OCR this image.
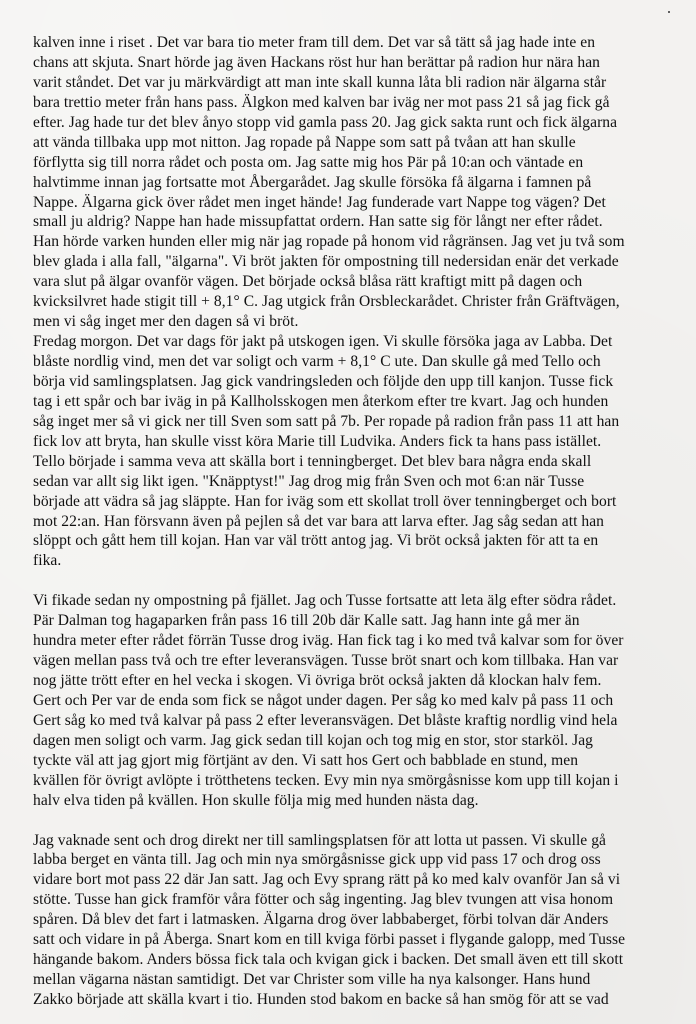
kalven inne i riset . Det var bara tio meter fram till dem. Det var så tätt så jag hade inte en
chans att skjuta. Snart hörde jag även Hackans röst hur han berättar på radion hur nära han
varit ståndet. Det var ju märkvärdigt att man inte skall kunna låta bli radion när älgarna står
bara trettio meter från hans pass. Älgkon med kalven bar iväg ner mot pass 21 så jag fick gå
efter. Jag hade tur det blev ånyo stopp vid gamla pass 20. Jag gick sakta runt och fick älgarna
att vända tillbaka upp mot nitton. Jag ropade på Nappe som satt på tvåan att han skulle
förflytta sig till norra rådet och posta om. Jag satte mig hos Pär på 10:an och väntade en
halvtimme innan jag fortsatte mot Åbergarådet. Jag skulle försöka få älgarna i famnen på
Nappe. Älgarna gick över rådet men inget hände! Jag funderade vart Nappe tog vägen? Det
small ju aldrig? Nappe han hade missupfattat ordern. Han satte sig för långt ner efter rådet.
Han hörde varken hunden eller mig när jag ropade på honom vid rågränsen. Jag vet ju två som
blev glada i alla fall, "älgarna". Vi bröt jakten för ompostning till nedersidan enär det verkade
vara slut på älgar ovanför vägen. Det började också blåsa rätt kraftigt mitt på dagen och
kvicksilvret hade stigit till + 8,1° C. Jag utgick från Orsbleckarådet. Christer från Gräftvägen,
men vi såg inget mer den dagen så vi bröt.
Fredag morgon. Det var dags för jakt på utskogen igen. Vi skulle försöka jaga av Labba. Det
blåste nordlig vind, men det var soligt och varm + 8,1° C ute. Dan skulle gå med Tello och
börja vid samlingsplatsen. Jag gick vandringsleden och följde den upp till kanjon. Tusse fick
tag i ett spår och bar iväg in på Kallholsskogen men återkom efter tre kvart. Jag och hunden
såg inget mer så vi gick ner till Sven som satt på 7b. Per ropade på radion från pass 11 att han
fick lov att bryta, han skulle visst köra Marie till Ludvika. Anders fick ta hans pass istället.
Tello började i samma veva att skälla bort i tenningberget. Det blev bara några enda skall
sedan var allt sig likt igen. "Knäpptyst!" Jag drog mig från Sven och mot 6:an när Tusse
började att vädra så jag släppte. Han for iväg som ett skollat troll över tenningberget och bort
mot 22:an. Han försvann även på pejlen så det var bara att larva efter. Jag såg sedan att han
slöppt och gått hem till kojan. Han var väl trött antog jag. Vi bröt också jakten för att ta en
fika.
Vi fikade sedan ny ompostning på fjället. Jag och Tusse fortsatte att leta älg efter södra rådet.
Pär Dalman tog hagaparken från pass 16 till 20b där Kalle satt. Jag hann inte gå mer än
hundra meter efter rådet förrän Tusse drog iväg. Han fick tag i ko med två kalvar som for över
vägen mellan pass två och tre efter leveransvägen. Tusse bröt snart och kom tillbaka. Han var
nog jätte trött efter en hel vecka i skogen. Vi övriga bröt också jakten då klockan halv fem.
Gert och Per var de enda som fick se något under dagen. Per såg ko med kalv på pass 11 och
Gert såg ko med två kalvar på pass 2 efter leveransvägen. Det blåste kraftig nordlig vind hela
dagen men soligt och varm. Jag gick sedan till kojan och tog mig en stor, stor starköl. Jag
tyckte väl att jag gjort mig förtjänt av den. Vi satt hos Gert och babblade en stund, men
kvällen för övrigt avlöpte i trötthetens tecken. Evy min nya smörgåsnisse kom upp till kojan i
halv elva tiden på kvällen. Hon skulle följa mig med hunden nästa dag.
Jag vaknade sent och drog direkt ner till samlingsplatsen för att lotta ut passen. Vi skulle gå
labba berget en vänta till. Jag och min nya smörgåsnisse gick upp vid pass 17 och drog oss
vidare bort mot pass 22 där Jan satt. Jag och Evy sprang rätt på ko med kalv ovanför Jan så vi
stötte. Tusse han gick framför våra fötter och såg ingenting. Jag blev tvungen att visa honom
spåren. Då blev det fart i latmasken. Älgarna drog över labbaberget, förbi tolvan där Anders
satt och vidare in på Åberga. Snart kom en till kviga förbi passet i flygande galopp, med Tusse
hängande bakom. Anders bössa fick tala och kvigan gick i backen. Det small även ett till skott
mellan vägarna nästan samtidigt. Det var Christer som ville ha nya kalsonger. Hans hund
Zakko började att skälla kvart i tio. Hunden stod bakom en backe så han smög för att se vad
